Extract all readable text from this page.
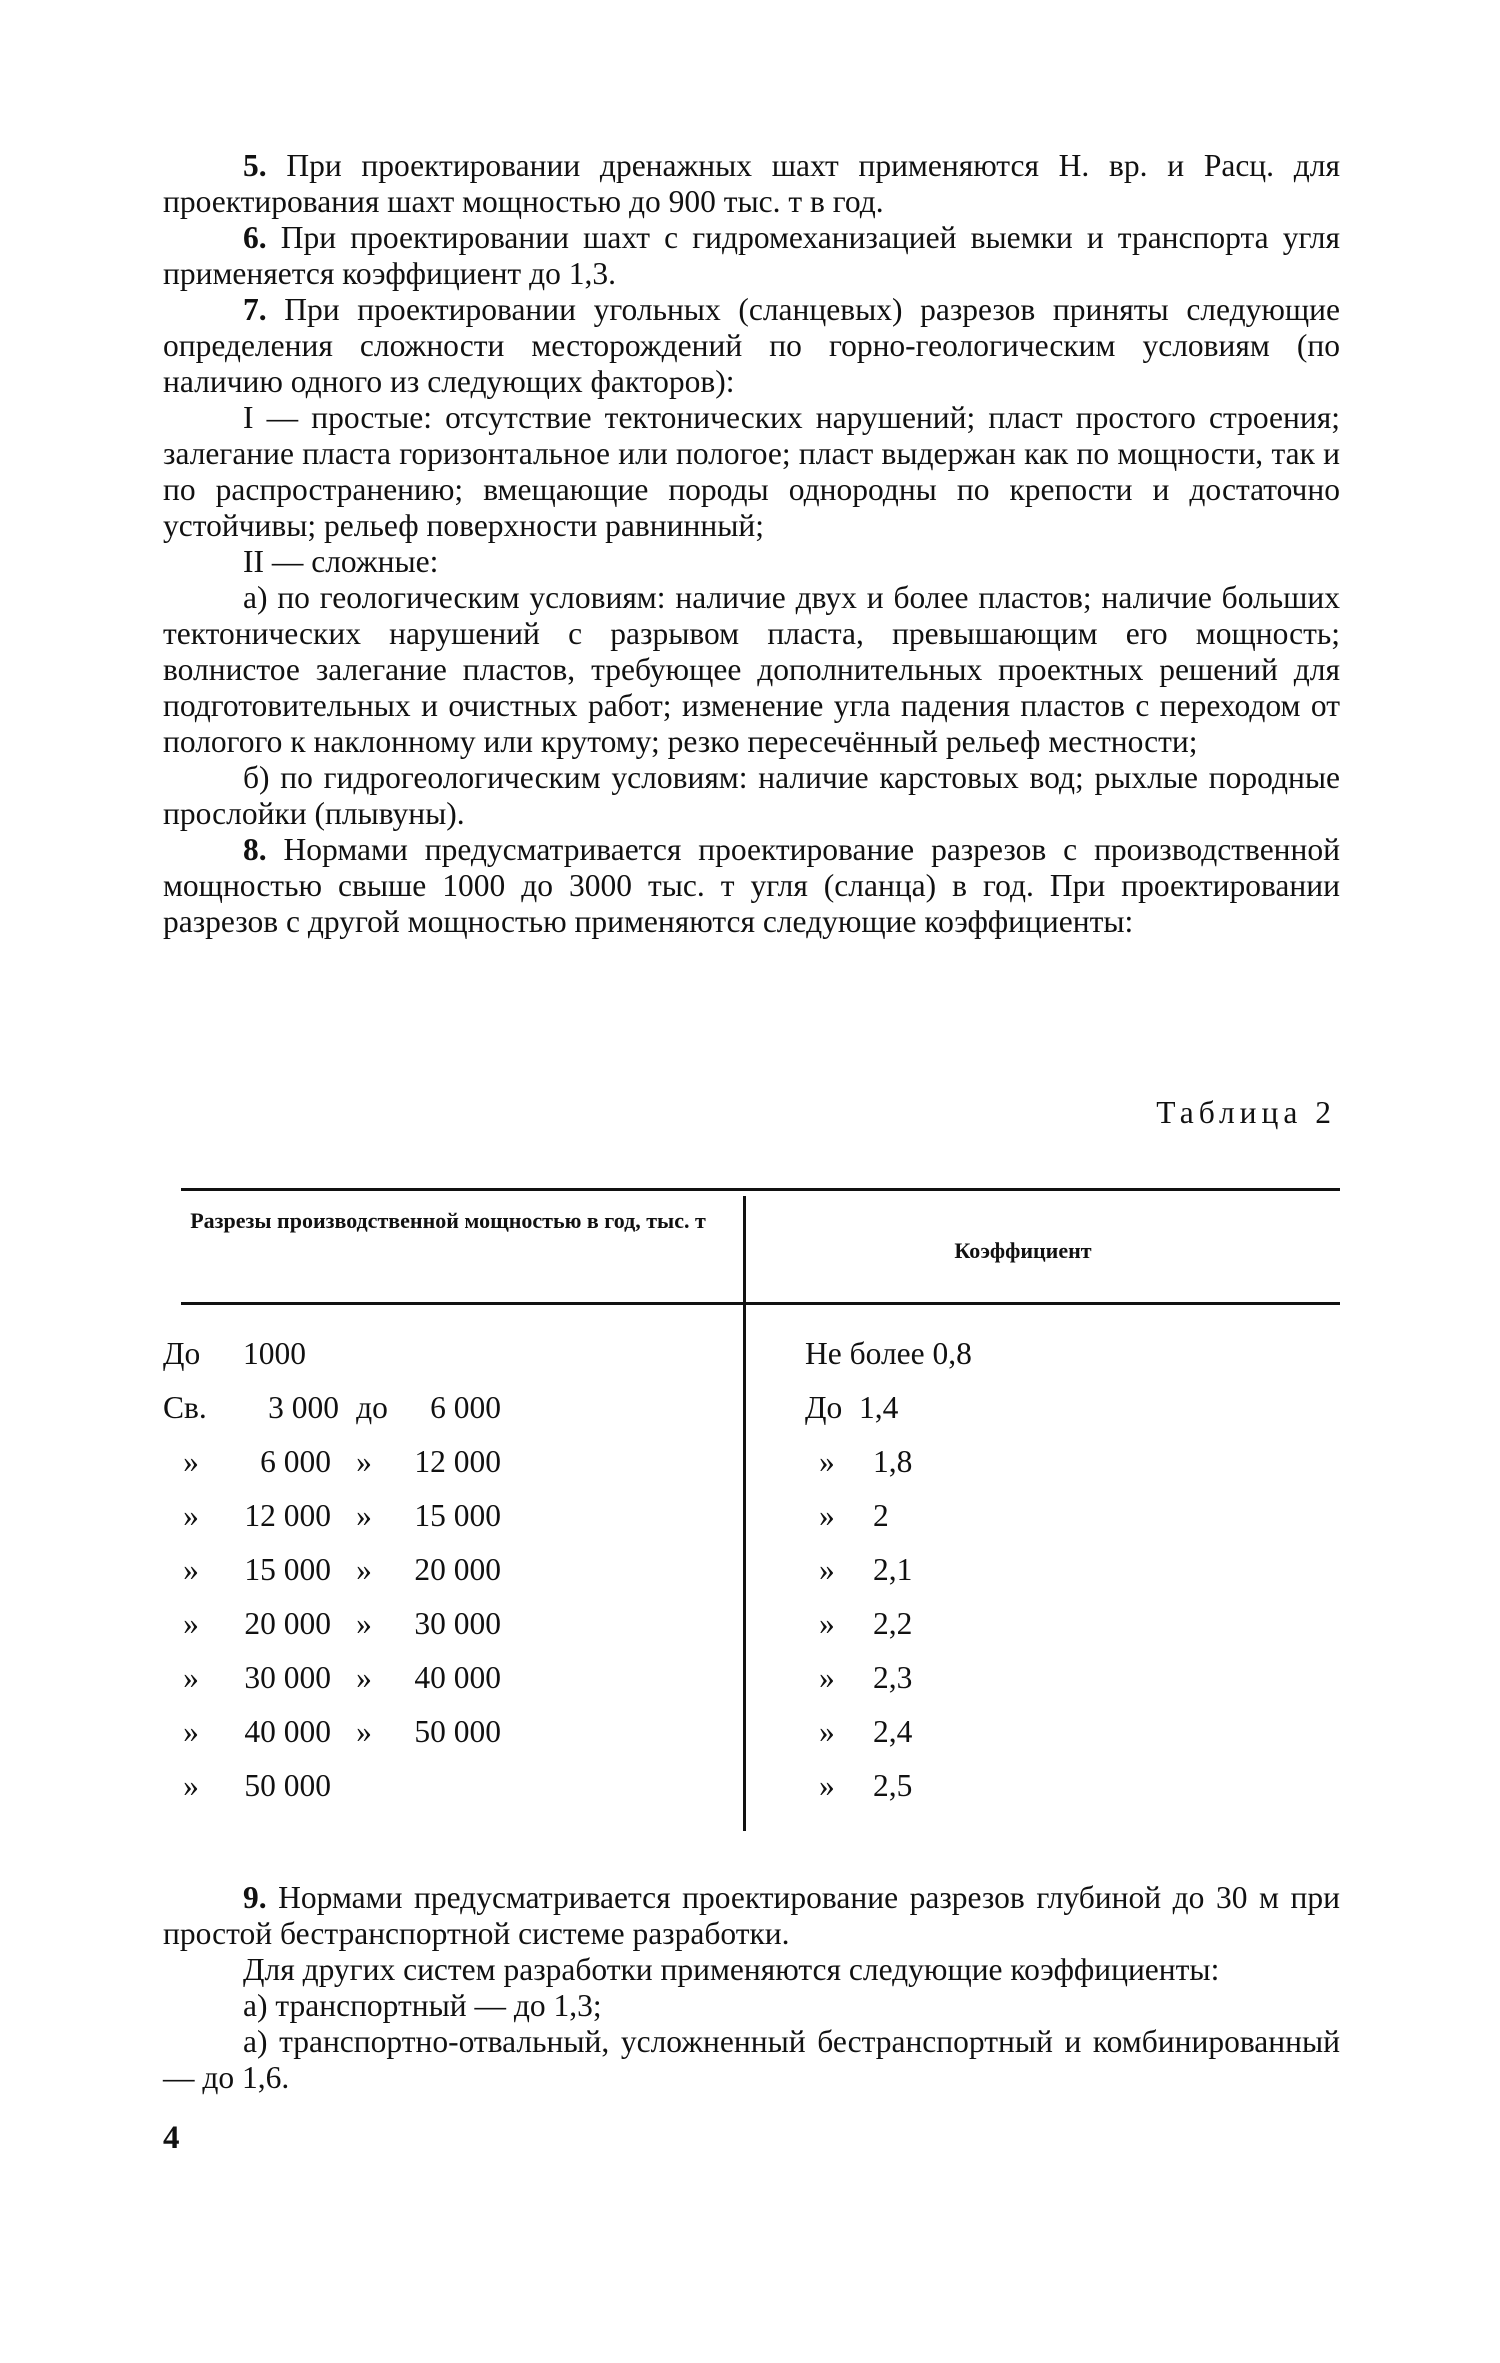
5. При проектировании дренажных шахт применяются Н. вр. и Расц. для проектирования шахт мощностью до 900 тыс. т в год.

6. При проектировании шахт с гидромеханизацией выемки и транспорта угля применяется коэффициент до 1,3.

7. При проектировании угольных (сланцевых) разрезов приняты следующие определения сложности месторождений по горно-геологическим условиям (по наличию одного из следующих факторов):

I — простые: отсутствие тектонических нарушений; пласт простого строения; залегание пласта горизонтальное или пологое; пласт выдержан как по мощности, так и по распространению; вмещающие породы однородны по крепости и достаточно устойчивы; рельеф поверхности равнинный;

II — сложные:

а) по геологическим условиям: наличие двух и более пластов; наличие больших тектонических нарушений с разрывом пласта, превышающим его мощность; волнистое залегание пластов, требующее дополнительных проектных решений для подготовительных и очистных работ; изменение угла падения пластов с переходом от пологого к наклонному или крутому; резко пересечённый рельеф местности;

б) по гидрогеологическим условиям: наличие карстовых вод; рыхлые породные прослойки (плывуны).

8. Нормами предусматривается проектирование разрезов с производственной мощностью свыше 1000 до 3000 тыс. т угля (сланца) в год. При проектировании разрезов с другой мощностью применяются следующие коэффициенты:

Таблица 2
Разрезы производственной мощностью в год, тыс. т
Коэффициент
До 1000	Не более 0,8
Св. 3 000 до 6 000	До 1,4
» 6 000 » 12 000	» 1,8
» 12 000 » 15 000	» 2
» 15 000 » 20 000	» 2,1
» 20 000 » 30 000	» 2,2
» 30 000 » 40 000	» 2,3
» 40 000 » 50 000	» 2,4
» 50 000	» 2,5

9. Нормами предусматривается проектирование разрезов глубиной до 30 м при простой бестранспортной системе разработки.

Для других систем разработки применяются следующие коэффициенты:

а) транспортный — до 1,3;

а) транспортно-отвальный, усложненный бестранспортный и комбинированный — до 1,6.

4
